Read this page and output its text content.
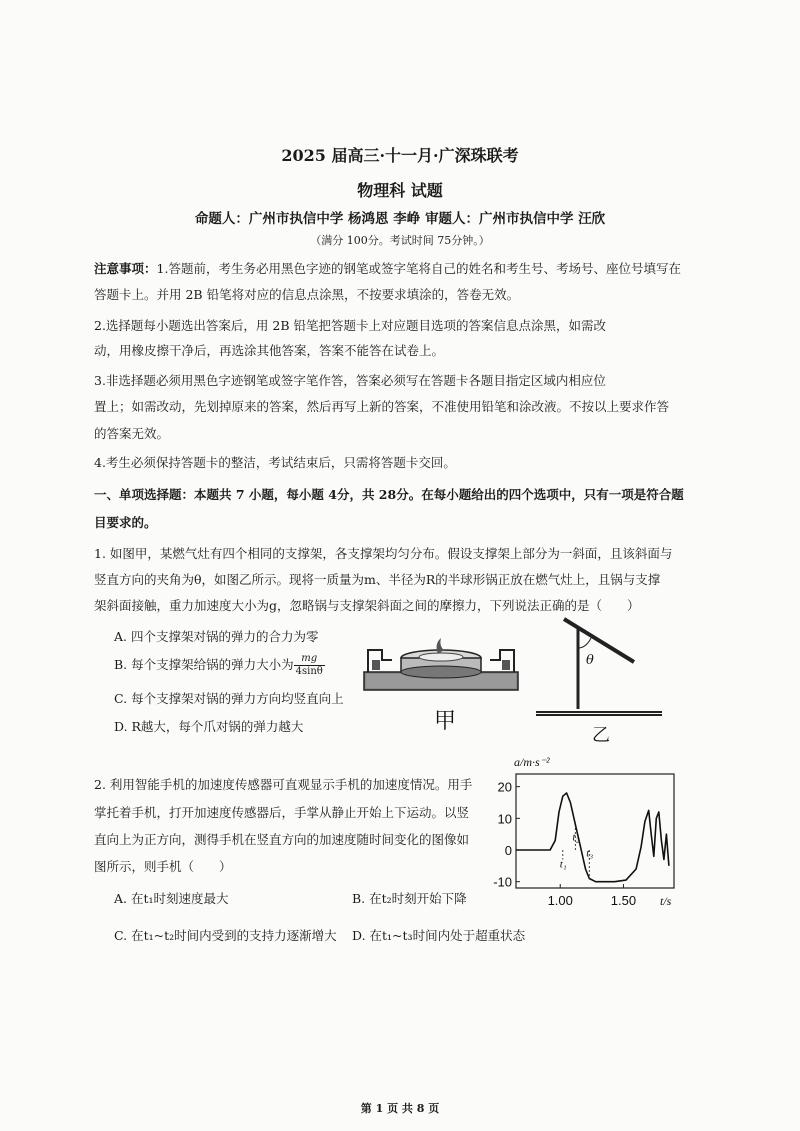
2025 届高三·十一月·广深珠联考
物理科 试题
命题人：广州市执信中学 杨鸿恩 李峥 审题人：广州市执信中学 汪欣
（满分 100分。考试时间 75分钟。）
注意事项：1.答题前，考生务必用黑色字迹的钢笔或签字笔将自己的姓名和考生号、考场号、座位号填写在
答题卡上。并用 2B 铅笔将对应的信息点涂黑，不按要求填涂的，答卷无效。
2.选择题每小题选出答案后，用 2B 铅笔把答题卡上对应题目选项的答案信息点涂黑，如需改
动，用橡皮擦干净后，再选涂其他答案，答案不能答在试卷上。
3.非选择题必须用黑色字迹钢笔或签字笔作答，答案必须写在答题卡各题目指定区域内相应位
置上；如需改动，先划掉原来的答案，然后再写上新的答案，不准使用铅笔和涂改液。不按以上要求作答
的答案无效。
4.考生必须保持答题卡的整洁，考试结束后，只需将答题卡交回。
一、单项选择题：本题共 7 小题，每小题 4分，共 28分。在每小题给出的四个选项中，只有一项是符合题
目要求的。
1. 如图甲，某燃气灶有四个相同的支撑架，各支撑架均匀分布。假设支撑架上部分为一斜面，且该斜面与
竖直方向的夹角为θ，如图乙所示。现将一质量为m、半径为R的半球形锅正放在燃气灶上，且锅与支撑
架斜面接触，重力加速度大小为g，忽略锅与支撑架斜面之间的摩擦力，下列说法正确的是（　　）
A. 四个支撑架对锅的弹力的合力为零
B. 每个支撑架给锅的弹力大小为 $\frac{mg}{4\sin\theta}$
C. 每个支撑架对锅的弹力方向均竖直向上
D. R越大，每个爪对锅的弹力越大	甲
θ
乙
2. 利用智能手机的加速度传感器可直观显示手机的加速度情况。用手
掌托着手机，打开加速度传感器后，手掌从静止开始上下运动。以竖
直向上为正方向，测得手机在竖直方向的加速度随时间变化的图像如
图所示，则手机（　　）
A. 在t₁时刻速度最大	B. 在t₂时刻开始下降
C. 在t₁~t₂时间内受到的支持力逐渐增大 D. 在t₁~t₃时间内处于超重状态
20
10
0
-10
1.00	1.50
a/m·s⁻²
t/s
t₁
t₂
t₃
第 1 页 共 8 页
